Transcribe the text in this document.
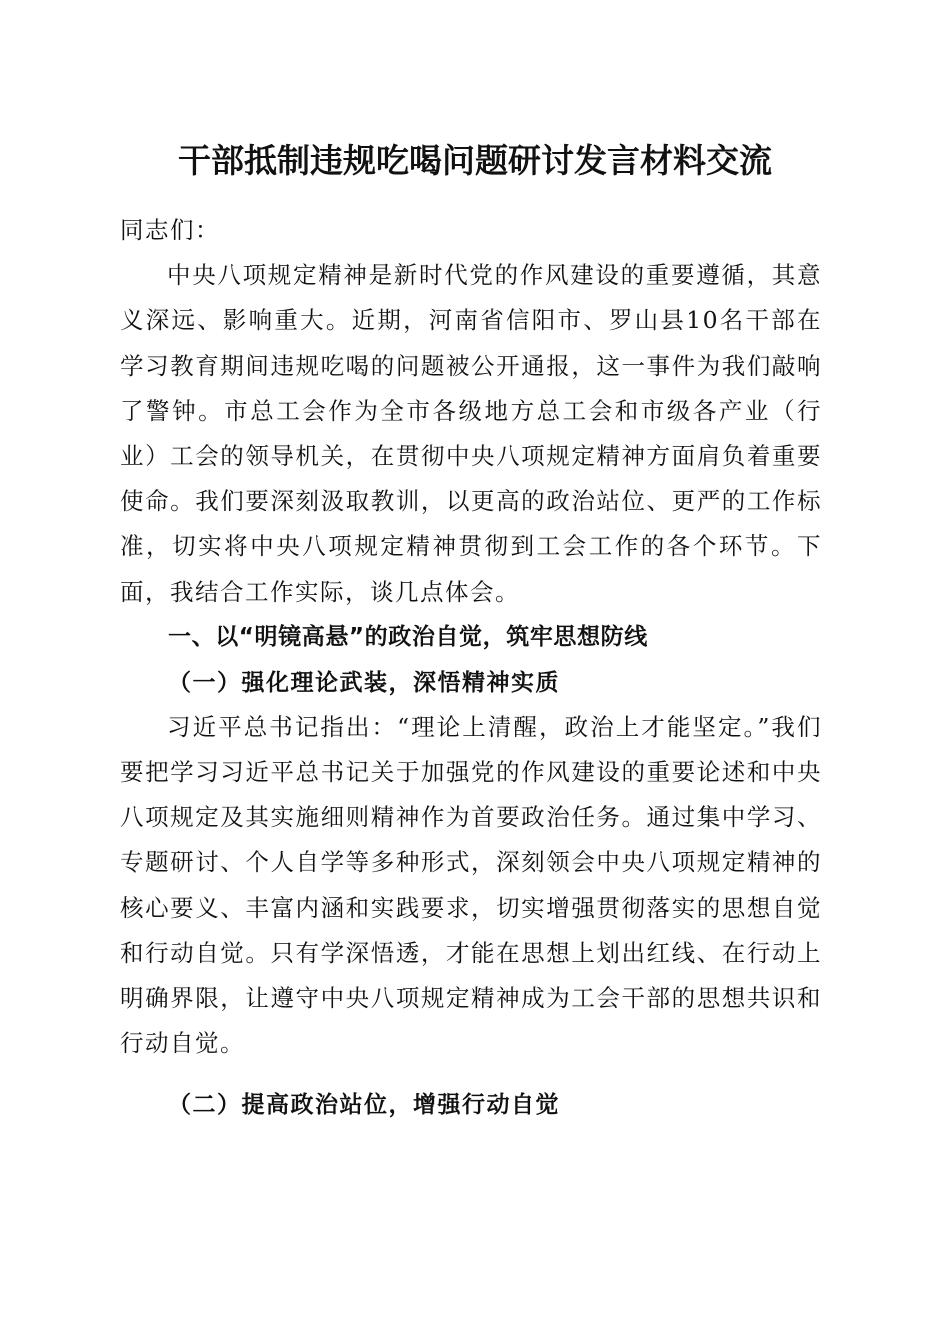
干部抵制违规吃喝问题研讨发言材料交流

同志们：

中央八项规定精神是新时代党的作风建设的重要遵循，其意义深远、影响重大。近期，河南省信阳市、罗山县10名干部在学习教育期间违规吃喝的问题被公开通报，这一事件为我们敲响了警钟。市总工会作为全市各级地方总工会和市级各产业（行业）工会的领导机关，在贯彻中央八项规定精神方面肩负着重要使命。我们要深刻汲取教训，以更高的政治站位、更严的工作标准，切实将中央八项规定精神贯彻到工会工作的各个环节。下面，我结合工作实际，谈几点体会。

一、以“明镜高悬”的政治自觉，筑牢思想防线

（一）强化理论武装，深悟精神实质

习近平总书记指出：“理论上清醒，政治上才能坚定。”我们要把学习习近平总书记关于加强党的作风建设的重要论述和中央八项规定及其实施细则精神作为首要政治任务。通过集中学习、专题研讨、个人自学等多种形式，深刻领会中央八项规定精神的核心要义、丰富内涵和实践要求，切实增强贯彻落实的思想自觉和行动自觉。只有学深悟透，才能在思想上划出红线、在行动上明确界限，让遵守中央八项规定精神成为工会干部的思想共识和行动自觉。

（二）提高政治站位，增强行动自觉
